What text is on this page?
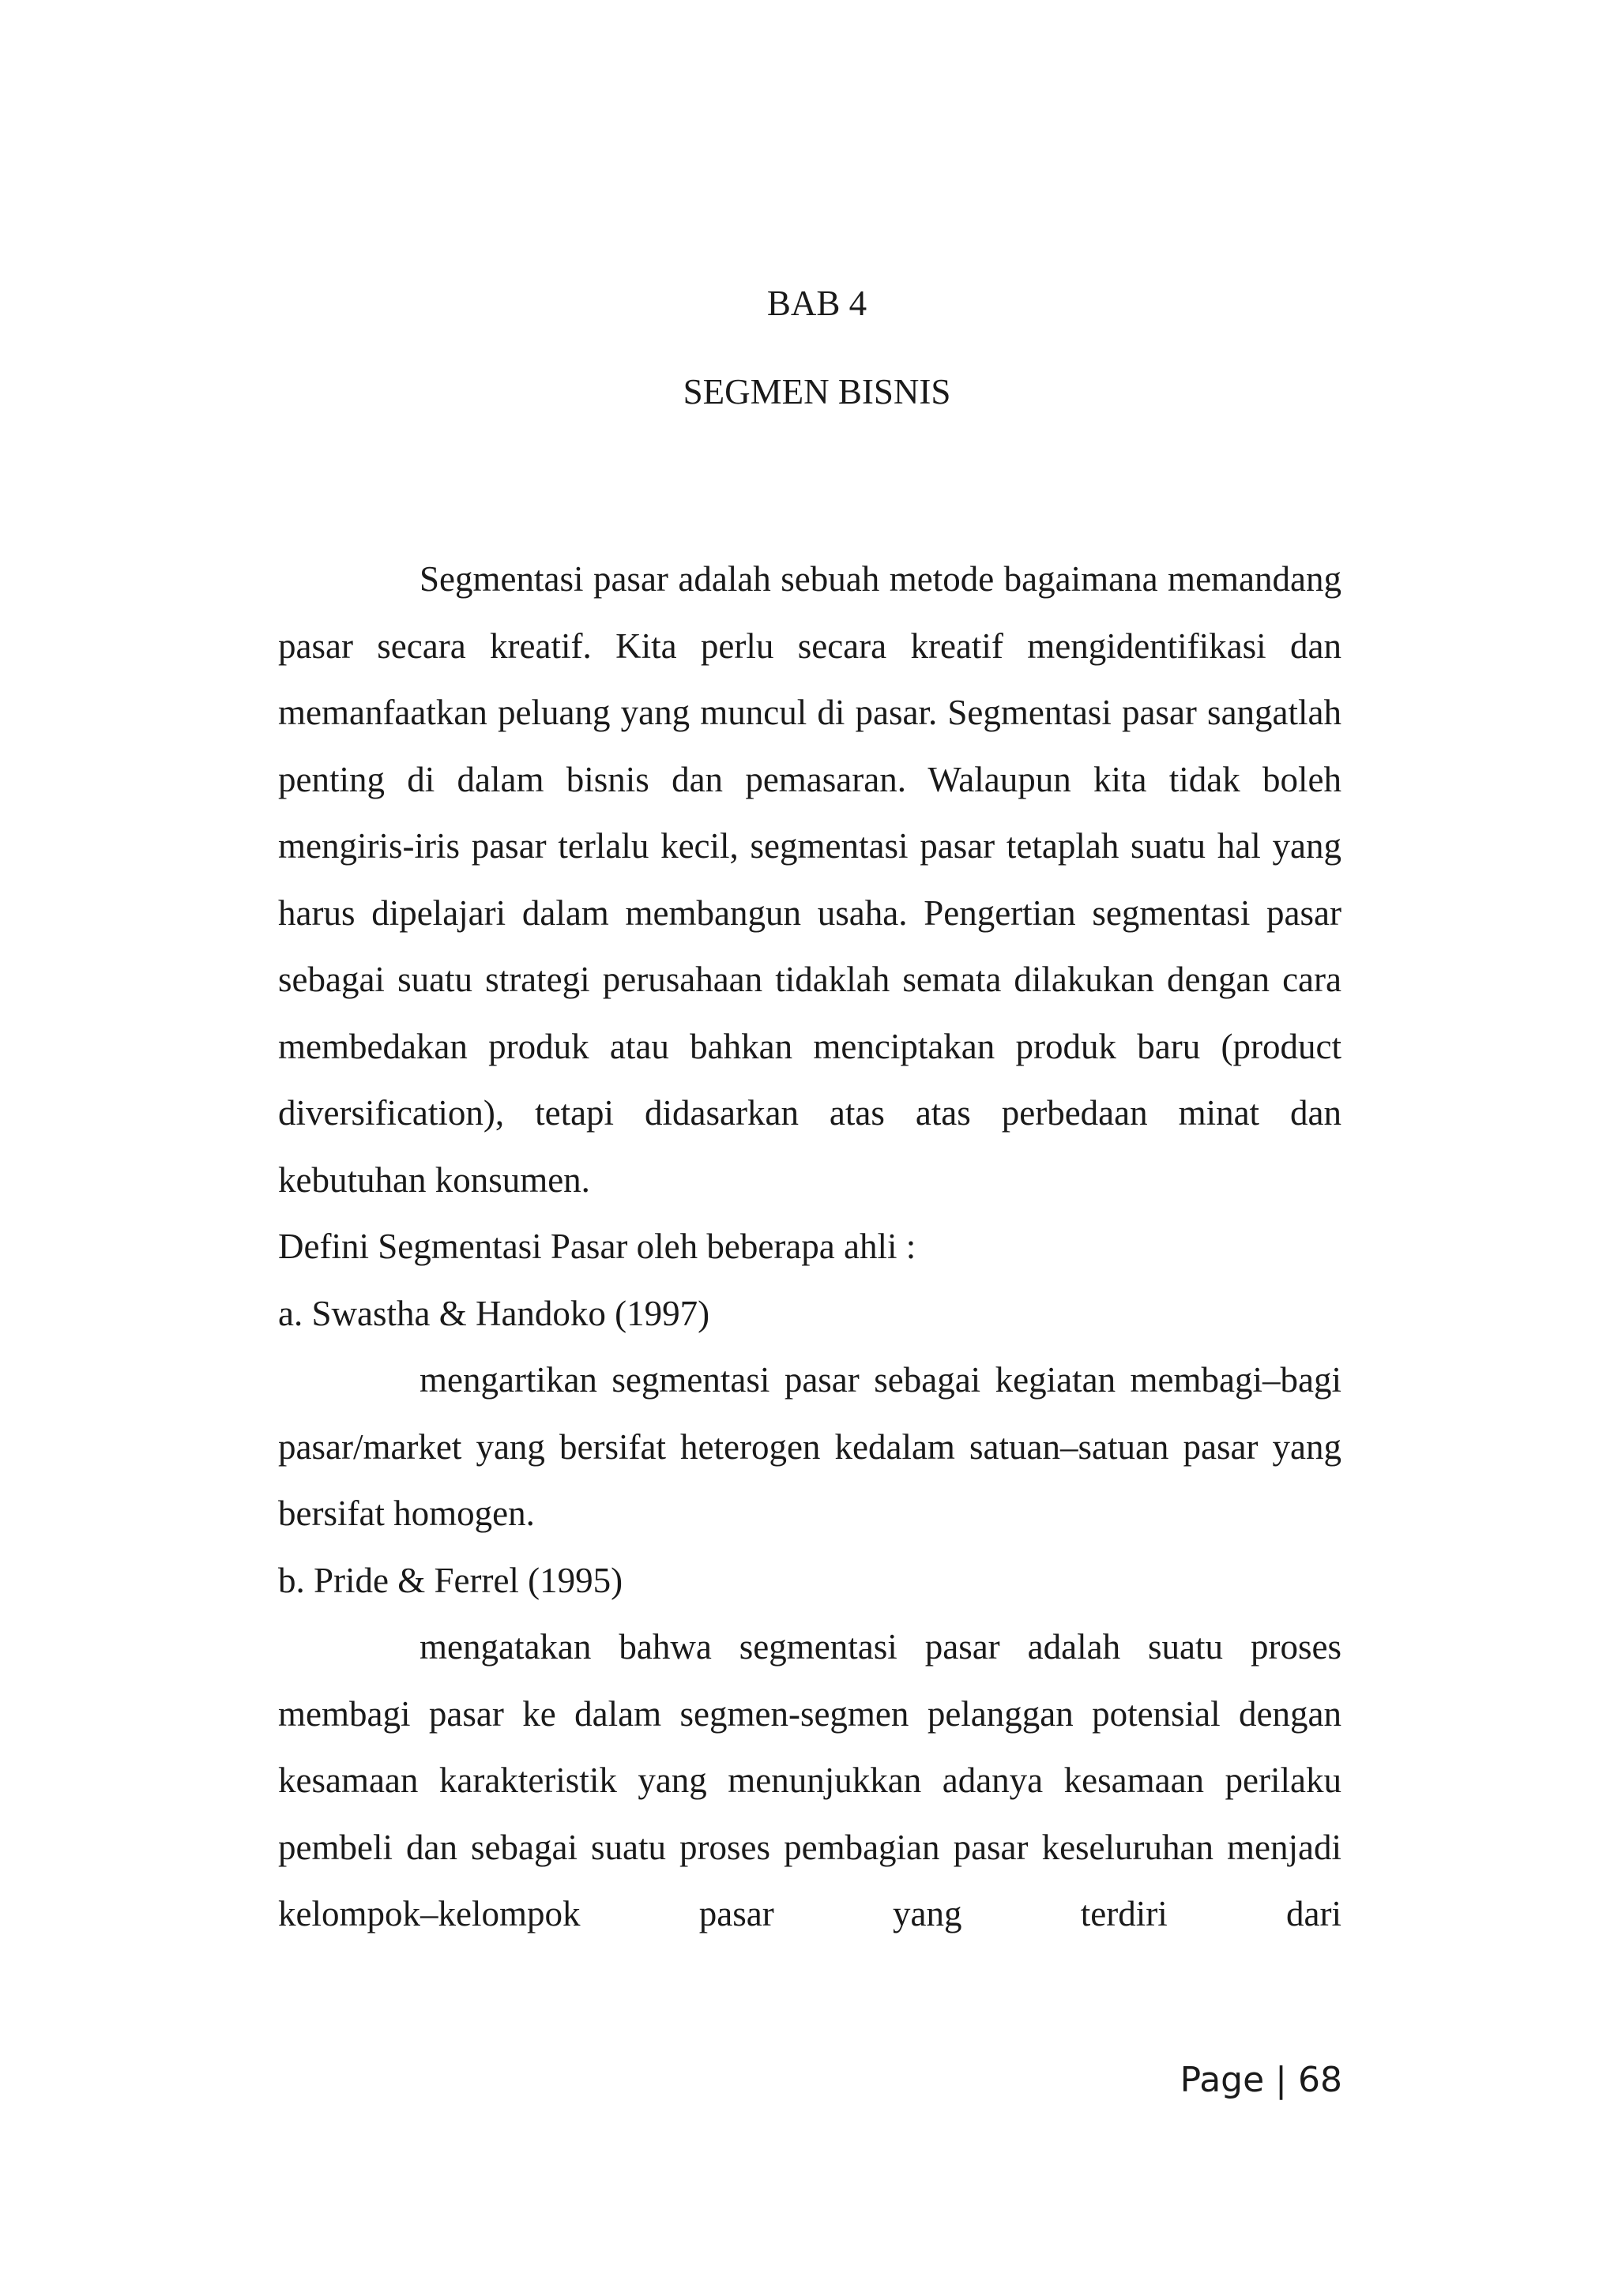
BAB 4
SEGMEN BISNIS

Segmentasi pasar adalah sebuah metode bagaimana memandang pasar secara kreatif. Kita perlu secara kreatif mengidentifikasi dan memanfaatkan peluang yang muncul di pasar. Segmentasi pasar sangatlah penting di dalam bisnis dan pemasaran. Walaupun kita tidak boleh mengiris-iris pasar terlalu kecil, segmentasi pasar tetaplah suatu hal yang harus dipelajari dalam membangun usaha. Pengertian segmentasi pasar sebagai suatu strategi perusahaan tidaklah semata dilakukan dengan cara membedakan produk atau bahkan menciptakan produk baru (product diversification), tetapi didasarkan atas atas perbedaan minat dan kebutuhan konsumen.

Defini Segmentasi Pasar oleh beberapa ahli :

a. Swastha & Handoko (1997)

mengartikan segmentasi pasar sebagai kegiatan membagi–bagi pasar/market yang bersifat heterogen kedalam satuan–satuan pasar yang bersifat homogen.

b. Pride & Ferrel (1995)

mengatakan bahwa segmentasi pasar adalah suatu proses membagi pasar ke dalam segmen-segmen pelanggan potensial dengan kesamaan karakteristik yang menunjukkan adanya kesamaan perilaku pembeli dan sebagai suatu proses pembagian pasar keseluruhan menjadi kelompok–kelompok pasar yang terdiri dari

Page | 68
